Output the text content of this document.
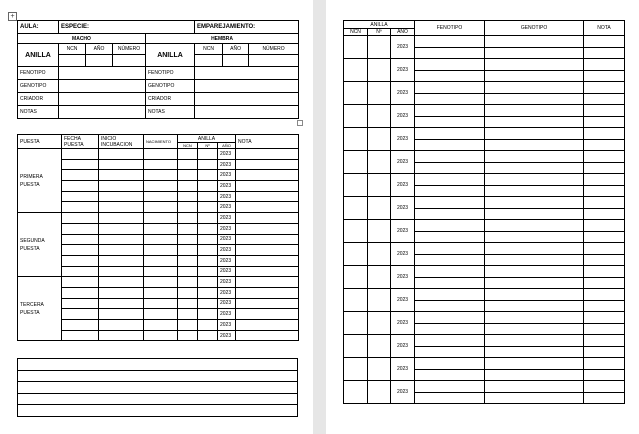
+
AULA:	ESPECIE:				EMPAREJAMIENTO:		
MACHO				HEMBRA			
ANILLA	NCN	AÑO	NÚMERO	ANILLA	NCN	AÑO	NÚMERO

FENOTIPO				FENOTIPO			
GENOTIPO				GENOTIPO			
CRIADOR				CRIADOR			
NOTAS				NOTAS			
PUESTA	FECHA PUESTA	INICIO INCUBACION	NACIMIENTO	ANILLA			NOTA
				NCN	Nº	AÑO	
PRIMERA PUESTA						2023	
						2023	
						2023	
						2023	
						2023	
						2023	
SEGUNDA PUESTA						2023	
						2023	
						2023	
						2023	
						2023	
						2023	
TERCERA PUESTA						2023	
						2023	
						2023	
						2023	
						2023	
						2023	

ANILLA			FENOTIPO	GENOTIPO	NOTA
NCN	Nº	AÑO			
		2023			

		2023			

		2023			

		2023			

		2023			

		2023			

		2023			

		2023			

		2023			

		2023			

		2023			

		2023			

		2023			

		2023			

		2023			

		2023			
